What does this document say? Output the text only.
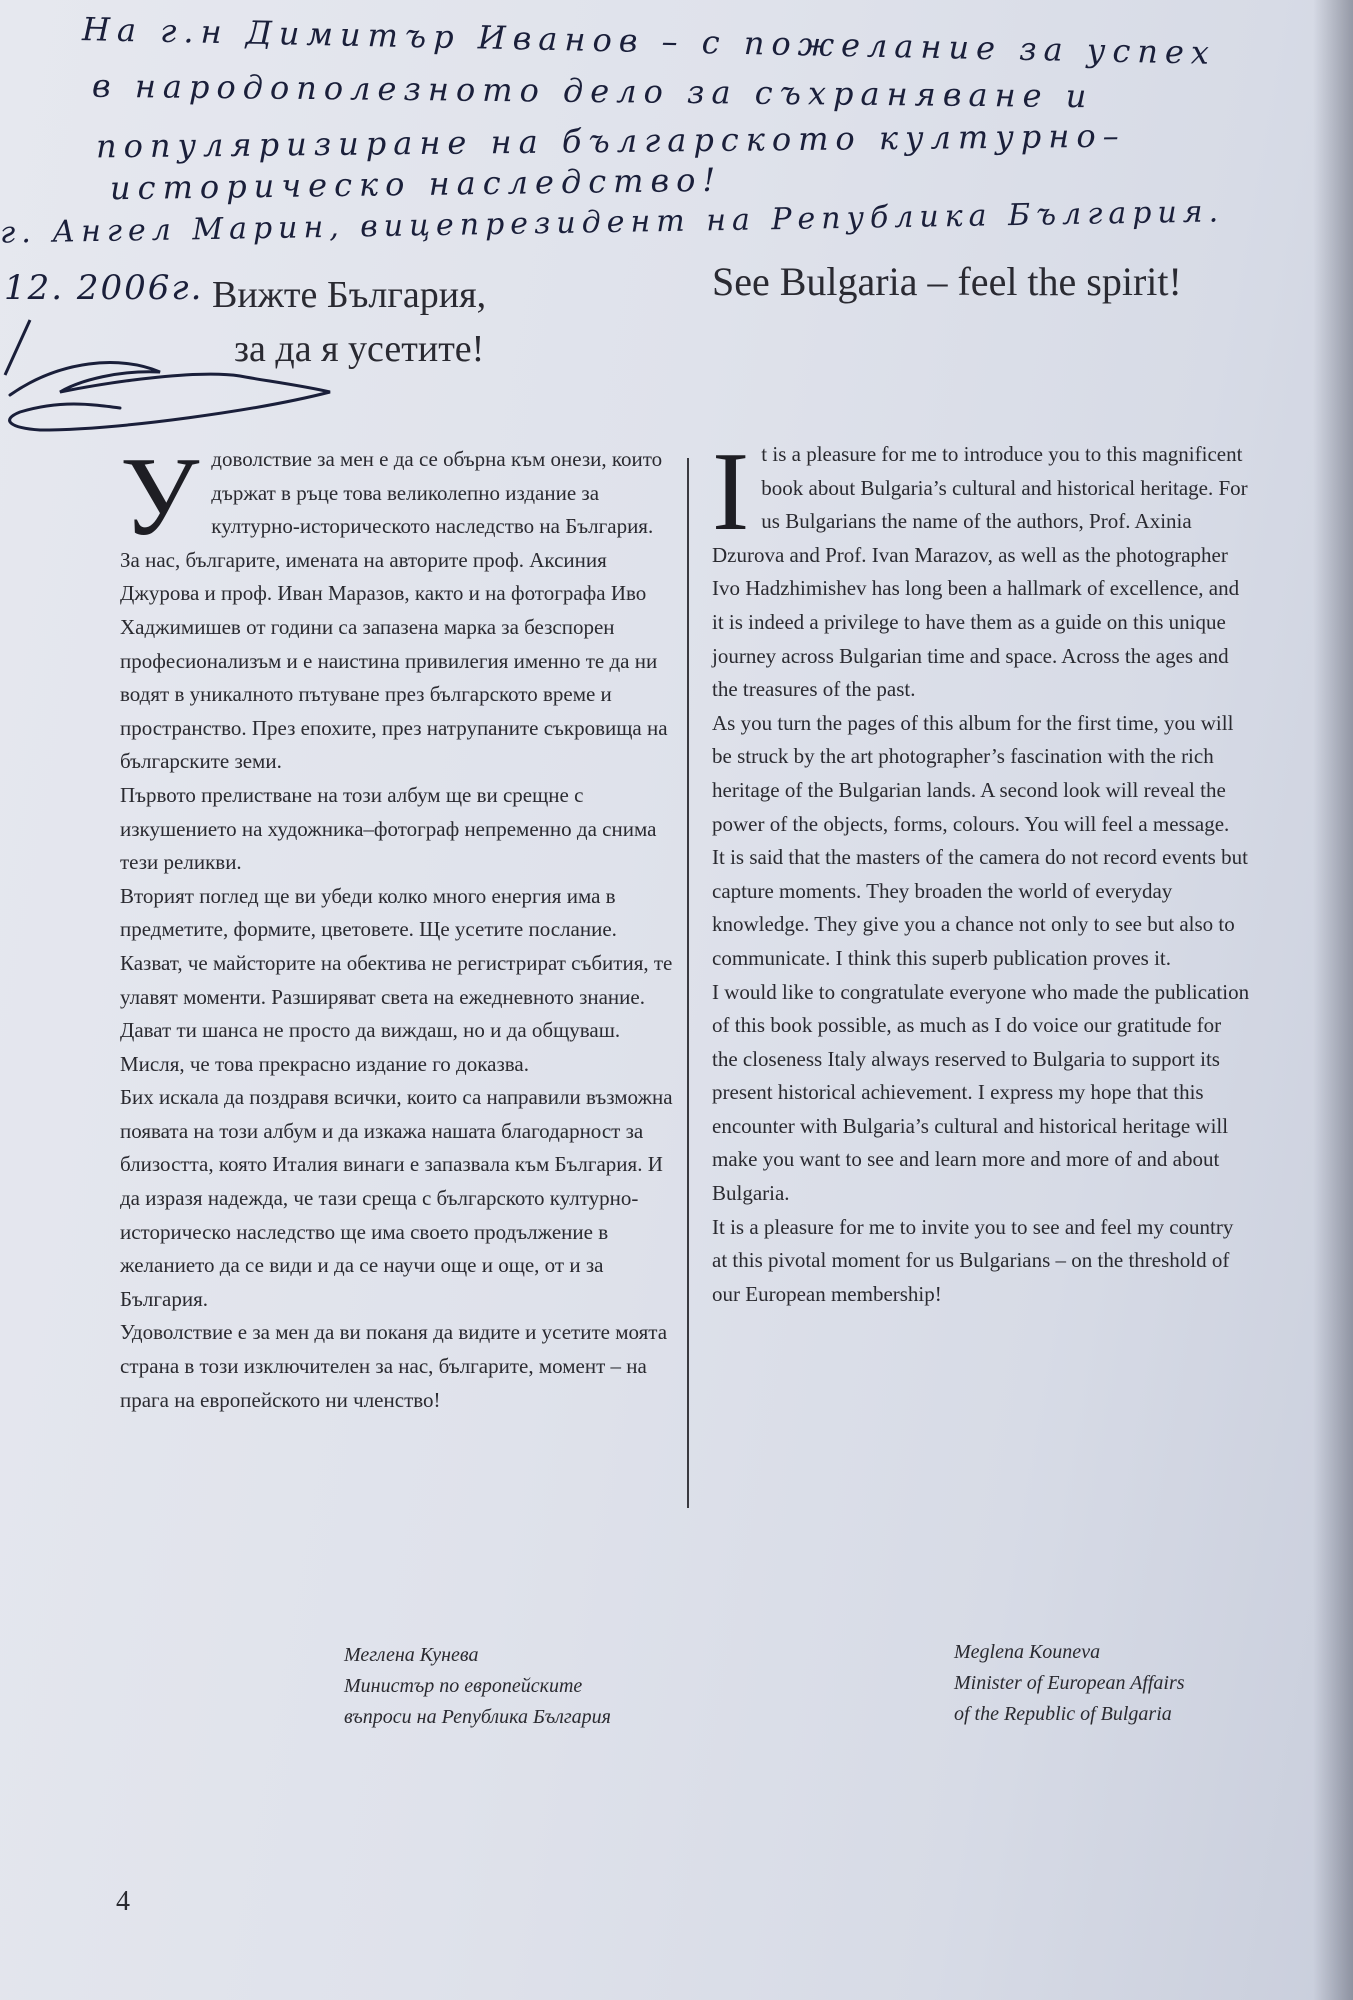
На г.н Димитър Иванов – с пожелание за успех
в народополезното дело за съхраняване и
популяризиране на българското културно–
историческо наследство!
г. Ангел Марин, вицепрезидент на Република България.
12. 2006г. Вижте България,
за да я усетите!
See Bulgaria – feel the spirit!
У доволствие за мен е да се обърна към онези, които държат в ръце това великолепно издание за културно-историческото наследство на България.

За нас, българите, имената на авторите проф. Аксиния Джурова и проф. Иван Маразов, както и на фотографа Иво Хаджимишев от години са запазена марка за безспорен професионализъм и е наистина привилегия именно те да ни водят в уникалното пътуване през българското време и пространство. През епохите, през натрупаните съкровища на българските земи.

Първото прелистване на този албум ще ви срещне с изкушението на художника–фотограф непременно да снима тези реликви.

Вторият поглед ще ви убеди колко много енергия има в предметите, формите, цветовете. Ще усетите послание.

Казват, че майсторите на обектива не регистрират събития, те улавят моменти. Разширяват света на ежедневното знание. Дават ти шанса не просто да виждаш, но и да общуваш. Мисля, че това прекрасно издание го доказва.

Бих искала да поздравя всички, които са направили възможна появата на този албум и да изкажа нашата благодарност за близостта, която Италия винаги е запазвала към България. И да изразя надежда, че тази среща с българското културно-историческо наследство ще има своето продължение в желанието да се види и да се научи още и още, от и за България.

Удоволствие е за мен да ви поканя да видите и усетите моята страна в този изключителен за нас, българите, момент – на прага на европейското ни членство!

I t is a pleasure for me to introduce you to this magnificent book about Bulgaria’s cultural and historical heritage. For us Bulgarians the name of the authors, Prof. Axinia Dzurova and Prof. Ivan Marazov, as well as the photographer Ivo Hadzhimishev has long been a hallmark of excellence, and it is indeed a privilege to have them as a guide on this unique journey across Bulgarian time and space. Across the ages and the treasures of the past.

As you turn the pages of this album for the first time, you will be struck by the art photographer’s fascination with the rich heritage of the Bulgarian lands. A second look will reveal the power of the objects, forms, colours. You will feel a message.

It is said that the masters of the camera do not record events but capture moments. They broaden the world of everyday knowledge. They give you a chance not only to see but also to communicate. I think this superb publication proves it.

I would like to congratulate everyone who made the publication of this book possible, as much as I do voice our gratitude for the closeness Italy always reserved to Bulgaria to support its present historical achievement. I express my hope that this encounter with Bulgaria’s cultural and historical heritage will make you want to see and learn more and more of and about Bulgaria.

It is a pleasure for me to invite you to see and feel my country at this pivotal moment for us Bulgarians – on the threshold of our European membership!

Меглена Кунева
Министър по европейските
въпроси на Република България
Meglena Kouneva
Minister of European Affairs
of the Republic of Bulgaria
4
